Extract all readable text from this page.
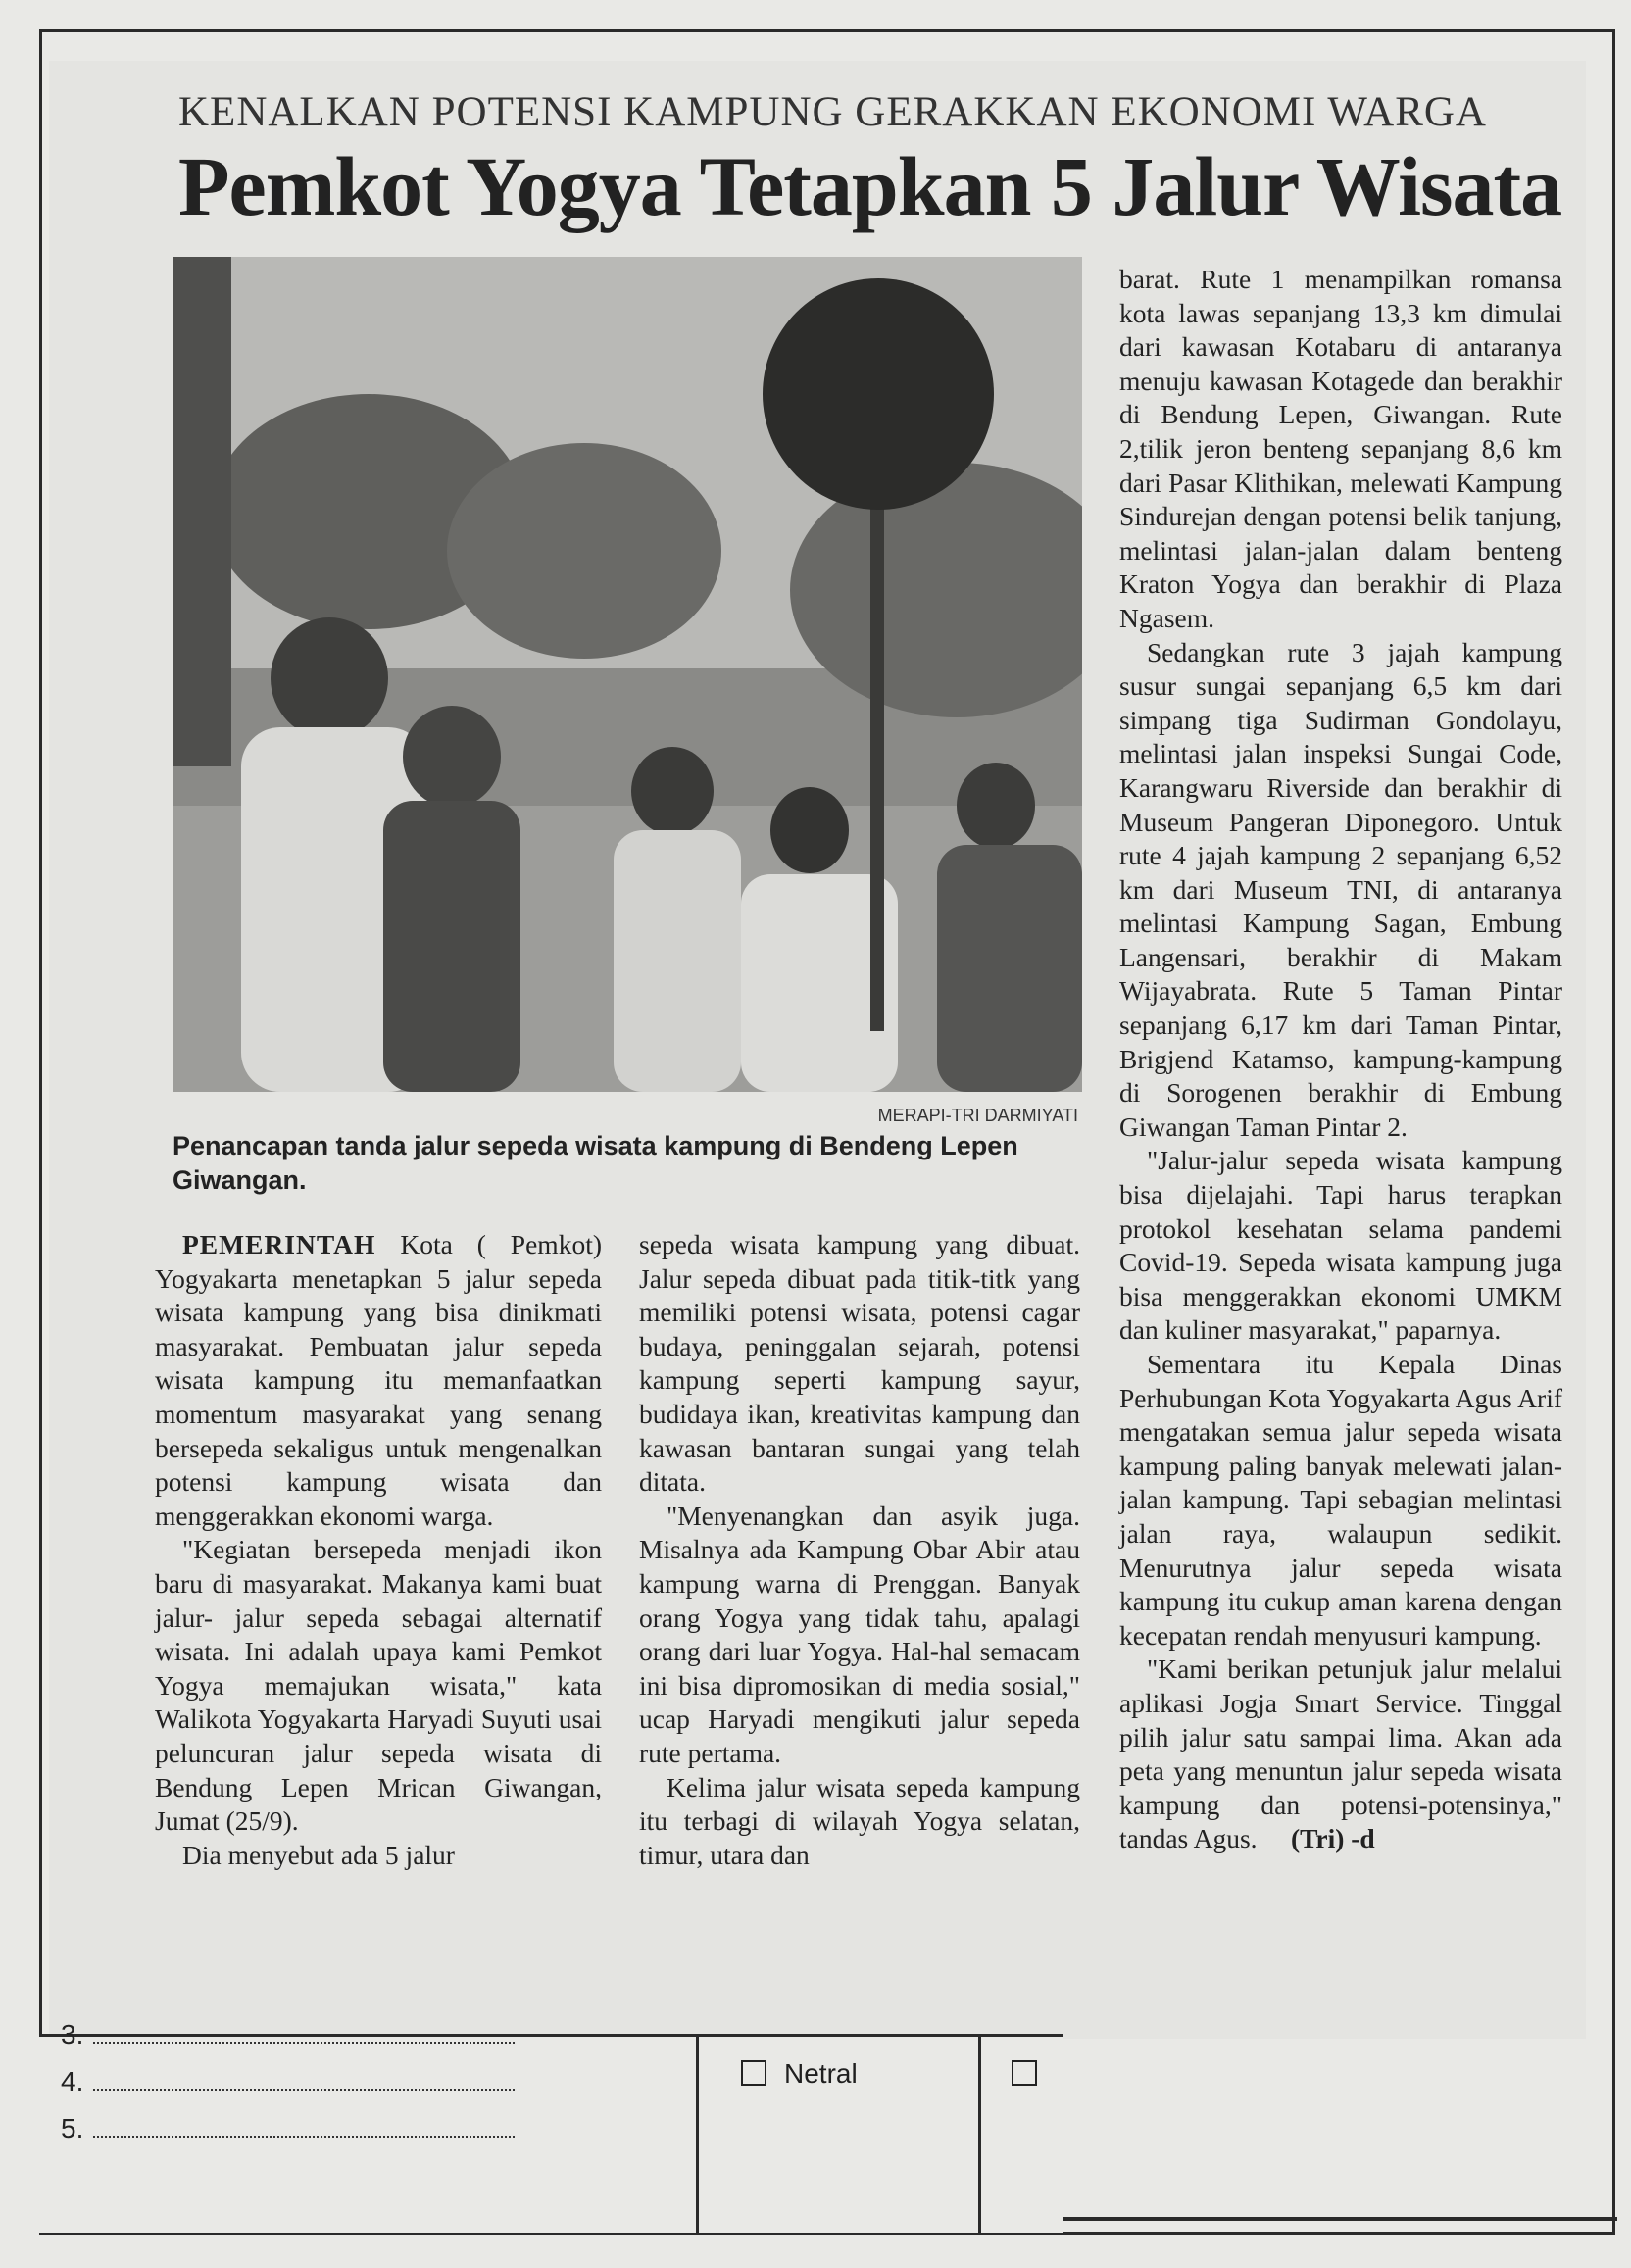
KENALKAN POTENSI KAMPUNG GERAKKAN EKONOMI WARGA
Pemkot Yogya Tetapkan 5 Jalur Wisata
MERAPI-TRI DARMIYATI
Penancapan tanda jalur sepeda wisata kampung di Bendeng Lepen Giwangan.

PEMERINTAH Kota ( Pemkot) Yogyakarta menetapkan 5 jalur sepeda wisata kampung yang bisa dinikmati masyarakat. Pembuatan jalur sepeda wisata kampung itu memanfaatkan momentum masyarakat yang senang bersepeda sekaligus untuk mengenalkan potensi kampung wisata dan menggerakkan ekonomi warga.

"Kegiatan bersepeda menjadi ikon baru di masyarakat. Makanya kami buat jalur- jalur sepeda sebagai alternatif wisata. Ini adalah upaya kami Pemkot Yogya memajukan wisata," kata Walikota Yogyakarta Haryadi Suyuti usai peluncuran jalur sepeda wisata di Bendung Lepen Mrican Giwangan, Jumat (25/9).

Dia menyebut ada 5 jalur

sepeda wisata kampung yang dibuat. Jalur sepeda dibuat pada titik-titk yang memiliki potensi wisata, potensi cagar budaya, peninggalan sejarah, potensi kampung seperti kampung sayur, budidaya ikan, kreativitas kampung dan kawasan bantaran sungai yang telah ditata.

"Menyenangkan dan asyik juga. Misalnya ada Kampung Obar Abir atau kampung warna di Prenggan. Banyak orang Yogya yang tidak tahu, apalagi orang dari luar Yogya. Hal-hal semacam ini bisa dipromosikan di media sosial," ucap Haryadi mengikuti jalur sepeda rute pertama.

Kelima jalur wisata sepeda kampung itu terbagi di wilayah Yogya selatan, timur, utara dan

barat. Rute 1 menampilkan romansa kota lawas sepanjang 13,3 km dimulai dari kawasan Kotabaru di antaranya menuju kawasan Kotagede dan berakhir di Bendung Lepen, Giwangan. Rute 2,tilik jeron benteng sepanjang 8,6 km dari Pasar Klithikan, melewati Kampung Sindurejan dengan potensi belik tanjung, melintasi jalan-jalan dalam benteng Kraton Yogya dan berakhir di Plaza Ngasem.

Sedangkan rute 3 jajah kampung susur sungai sepanjang 6,5 km dari simpang tiga Sudirman Gondolayu, melintasi jalan inspeksi Sungai Code, Karangwaru Riverside dan berakhir di Museum Pangeran Diponegoro. Untuk rute 4 jajah kampung 2 sepanjang 6,52 km dari Museum TNI, di antaranya melintasi Kampung Sagan, Embung Langensari, berakhir di Makam Wijayabrata. Rute 5 Taman Pintar sepanjang 6,17 km dari Taman Pintar, Brigjend Katamso, kampung-kampung di Sorogenen berakhir di Embung Giwangan Taman Pintar 2.

"Jalur-jalur sepeda wisata kampung bisa dijelajahi. Tapi harus terapkan protokol kesehatan selama pandemi Covid-19. Sepeda wisata kampung juga bisa menggerakkan ekonomi UMKM dan kuliner masyarakat," paparnya.

Sementara itu Kepala Dinas Perhubungan Kota Yogyakarta Agus Arif mengatakan semua jalur sepeda wisata kampung paling banyak melewati jalan-jalan kampung. Tapi sebagian melintasi jalan raya, walaupun sedikit. Menurutnya jalur sepeda wisata kampung itu cukup aman karena dengan kecepatan rendah menyusuri kampung.

"Kami berikan petunjuk jalur melalui aplikasi Jogja Smart Service. Tinggal pilih jalur satu sampai lima. Akan ada peta yang menuntun jalur sepeda wisata kampung dan potensi-potensinya," tandas Agus. (Tri) -d

3.
4.
5.
Netral
